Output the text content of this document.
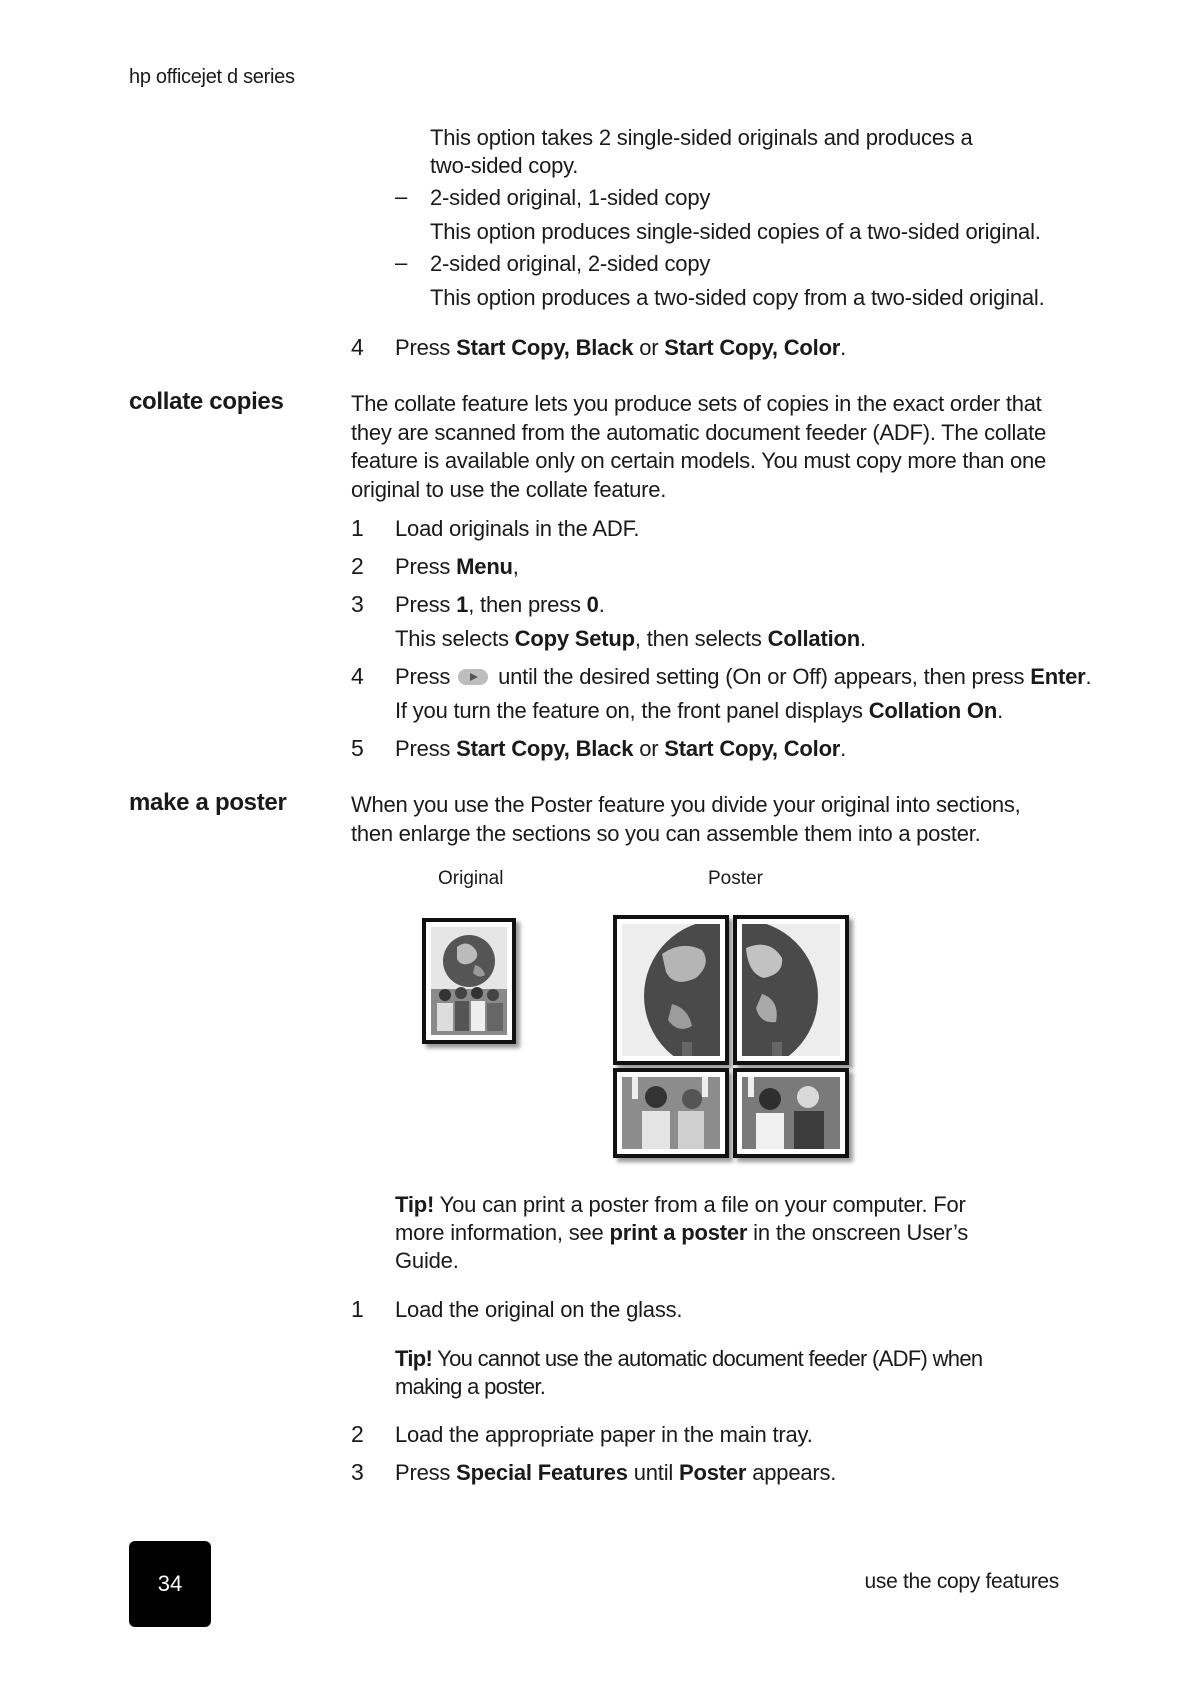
hp officejet d series
This option takes 2 single-sided originals and produces a two-sided copy.
– 2-sided original, 1-sided copy
This option produces single-sided copies of a two-sided original.
– 2-sided original, 2-sided copy
This option produces a two-sided copy from a two-sided original.
4 Press Start Copy, Black or Start Copy, Color.
collate copies	The collate feature lets you produce sets of copies in the exact order that they are scanned from the automatic document feeder (ADF). The collate feature is available only on certain models. You must copy more than one original to use the collate feature.
1 Load originals in the ADF.
2 Press Menu,
3 Press 1, then press 0.
This selects Copy Setup, then selects Collation.
4 Press until the desired setting (On or Off) appears, then press Enter.
If you turn the feature on, the front panel displays Collation On.
5 Press Start Copy, Black or Start Copy, Color.
make a poster	When you use the Poster feature you divide your original into sections, then enlarge the sections so you can assemble them into a poster.
Original	Poster
Tip! You can print a poster from a file on your computer. For more information, see print a poster in the onscreen User’s Guide.
1 Load the original on the glass.
Tip! You cannot use the automatic document feeder (ADF) when making a poster.
2 Load the appropriate paper in the main tray.
3 Press Special Features until Poster appears.
34	use the copy features
